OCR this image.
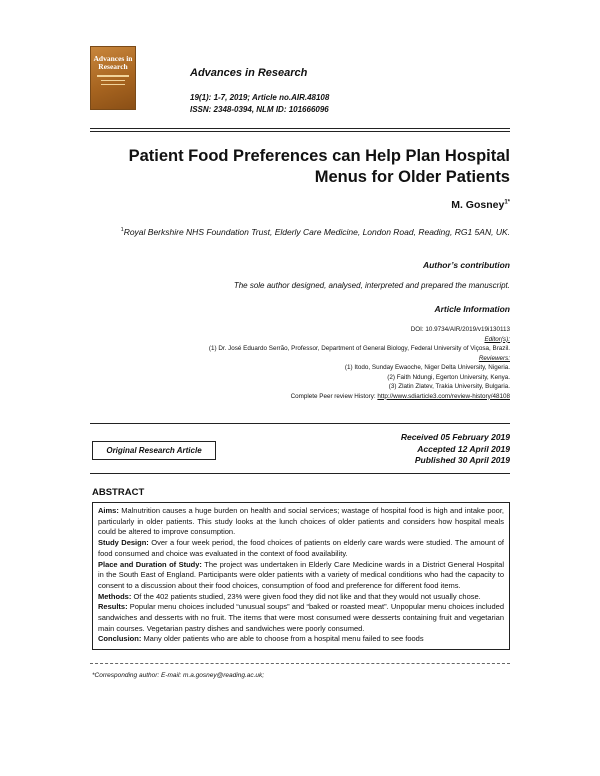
Advances in Research
Advances in Research
19(1): 1-7, 2019; Article no.AIR.48108
ISSN: 2348-0394, NLM ID: 101666096
Patient Food Preferences can Help Plan Hospital
Menus for Older Patients
M. Gosney$^{1*}$
$^1$Royal Berkshire NHS Foundation Trust, Elderly Care Medicine, London Road, Reading, RG1 5AN, UK.
Author’s contribution
The sole author designed, analysed, interpreted and prepared the manuscript.
Article Information
DOI: 10.9734/AIR/2019/v19i130113
Editor(s):
(1) Dr. José Eduardo Serrão, Professor, Department of General Biology, Federal University of Viçosa, Brazil.
Reviewers:
(1) Itodo, Sunday Ewaoche, Niger Delta University, Nigeria.
(2) Faith Ndungi, Egerton University, Kenya.
(3) Zlatin Zlatev, Trakia University, Bulgaria.
Complete Peer review History: http://www.sdiarticle3.com/review-history/48108
Original Research Article
Received 05 February 2019
Accepted 12 April 2019
Published 30 April 2019
ABSTRACT

Aims: Malnutrition causes a huge burden on health and social services; wastage of hospital food is high and intake poor, particularly in older patients. This study looks at the lunch choices of older patients and considers how hospital meals could be altered to improve consumption.

Study Design: Over a four week period, the food choices of patients on elderly care wards were studied. The amount of food consumed and choice was evaluated in the context of food availability.

Place and Duration of Study: The project was undertaken in Elderly Care Medicine wards in a District General Hospital in the South East of England. Participants were older patients with a variety of medical conditions who had the capacity to consent to a discussion about their food choices, consumption of food and preference for different food items.

Methods: Of the 402 patients studied, 23% were given food they did not like and that they would not usually chose.

Results: Popular menu choices included “unusual soups” and “baked or roasted meat”. Unpopular menu choices included sandwiches and desserts with no fruit. The items that were most consumed were desserts containing fruit and vegetarian main courses. Vegetarian pastry dishes and sandwiches were poorly consumed.

Conclusion: Many older patients who are able to choose from a hospital menu failed to see foods

*Corresponding author: E-mail: m.a.gosney@reading.ac.uk;
